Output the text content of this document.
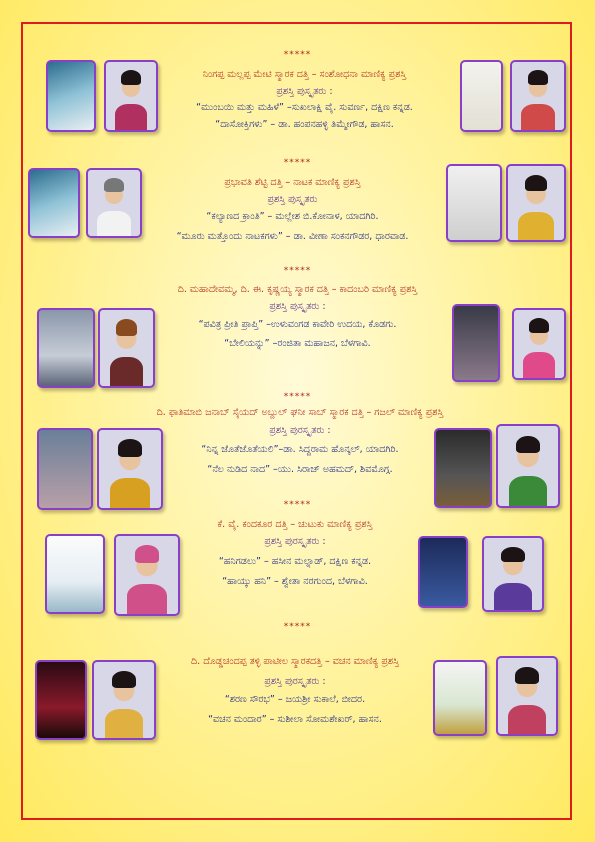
*****
ನಿಂಗಪ್ಪ ಮಲ್ಲಪ್ಪ ಮೇಟಿ ಸ್ಮಾರಕ ದತ್ತಿ – ಸಂಶೋಧನಾ ಮಾಣಿಕ್ಯ ಪ್ರಶಸ್ತಿ
ಪ್ರಶಸ್ತಿ ಪುಸ್ಕೃತರು :
“ಮುಂಬಯಿ ಮತ್ತು ಮಹಿಳೆ” –ಸುಖಲಾಕ್ಷಿ ವೈ. ಸುವರ್ಣ, ದಕ್ಷಿಣ ಕನ್ನಡ.
“ದಾಸೋಕ್ತಿಗಳು” – ಡಾ. ಹಂಪನಹಳ್ಳಿ ತಿಮ್ಮೇಗೌಡ, ಹಾಸನ.
*****
ಪ್ರಭಾವತಿ ಶೆಟ್ಟಿ ದತ್ತಿ – ನಾಟಕ ಮಾಣಿಕ್ಯ ಪ್ರಶಸ್ತಿ
ಪ್ರಶಸ್ತಿ ಪುಸ್ಕೃತರು
“ಕಲ್ಯಾಣದ ಕ್ರಾಂತಿ” – ಮಲ್ಲೇಶ ಬಿ.ಕೋನಾಳ, ಯಾದಗಿರಿ.
“ಮೂರು ಮತ್ತೊಂದು ನಾಟಕಗಳು” – ಡಾ. ವೀಣಾ ಸಂಕನಗೌಡರ, ಧಾರವಾಡ.
*****
ದಿ. ಮಹಾದೇವಮ್ಮ, ದಿ. ಈ. ಕೃಷ್ಣಯ್ಯ ಸ್ಮಾರಕ ದತ್ತಿ – ಕಾದಂಬರಿ ಮಾಣಿಕ್ಯ ಪ್ರಶಸ್ತಿ
ಪ್ರಶಸ್ತಿ ಪುಸ್ಕೃತರು :
“ಪವಿತ್ರ ಪ್ರೀತಿ ಪ್ರಾಪ್ತಿ” –ಉಳುವಂಗಡ ಕಾವೇರಿ ಉದಯ, ಕೊಡಗು.
“ಬೇಲಿಯನ್ನು” –ರಂಜಿತಾ ಮಹಾಜನ, ಬೆಳಗಾವಿ.
*****
ದಿ. ಫಾತಿಮಾಬಿ ಜನಾಬ್ ಸೈಯದ್ ಅಬ್ದುಲ್ ಘನೀ ಸಾಬ್ ಸ್ಮಾರಕ ದತ್ತಿ – ಗಜಲ್ ಮಾಣಿಕ್ಯ ಪ್ರಶಸ್ತಿ
ಪ್ರಶಸ್ತಿ ಪುರಸ್ಕೃತರು :
“ನಿನ್ನ ಜೊತೆಜೊತೆಯಲಿ”–ಡಾ. ಸಿದ್ದರಾಮ ಹೊನ್ಕಲ್, ಯಾದಗಿರಿ.
“ನೆಲ ನುಡಿದ ನಾದ” –ಯು. ಸಿರಾಜ್ ಅಹಮದ್, ಶಿವಮೊಗ್ಗ.
*****
ಕೆ. ವೈ. ಕಂದಕೂರ ದತ್ತಿ – ಚುಟುಕು ಮಾಣಿಕ್ಯ ಪ್ರಶಸ್ತಿ
ಪ್ರಶಸ್ತಿ ಪುರಸ್ಕೃತರು :
“ಹನಿಗಡಲು” – ಹಸೀನ ಮಲ್ನಾಡ್, ದಕ್ಷಿಣ ಕನ್ನಡ.
“ಹಾಯ್ಕು ಹನಿ” – ಶ್ವೇತಾ ನರಗುಂದ, ಬೆಳಗಾವಿ.
*****
ದಿ. ದೊಡ್ಡಚಂದಪ್ಪ ತಳ್ಳಿ ಪಾಟೀಲ ಸ್ಮಾರಕದತ್ತಿ – ವಚನ ಮಾಣಿಕ್ಯ ಪ್ರಶಸ್ತಿ
ಪ್ರಶಸ್ತಿ ಪುರಸ್ಕೃತರು :
“ಶರಣ ಸೌರಭ” – ಜಯಶ್ರೀ ಸುಕಾಲೆ, ಬೀದರ.
“ವಚನ ಮಂದಾರ” – ಸುಶೀಲಾ ಸೋಮಶೇಖರ್, ಹಾಸನ.
